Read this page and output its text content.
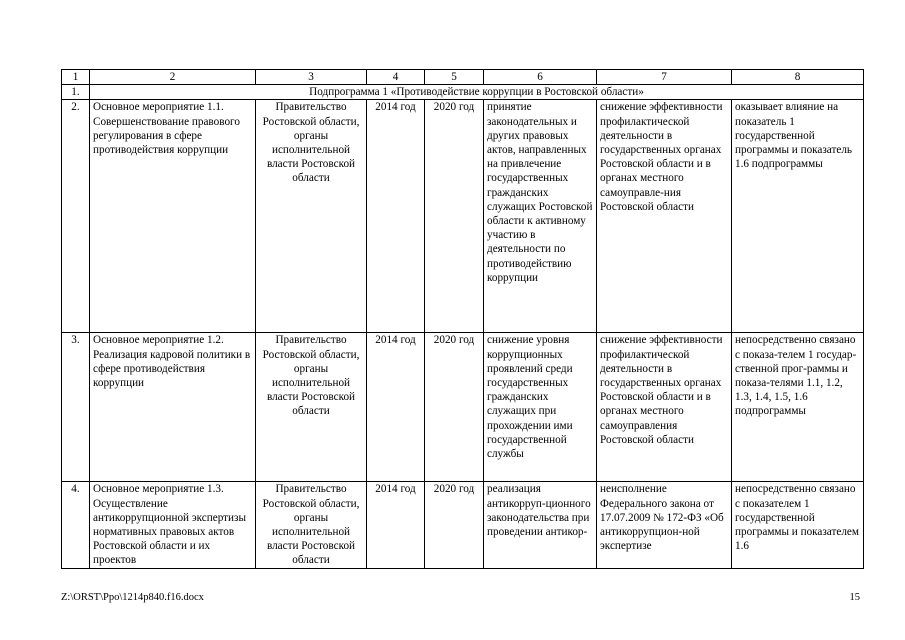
1	2	3	4	5	6	7	8
1.	Подпрограмма 1 «Противодействие коррупции в Ростовской области»						
2.	Основное мероприятие 1.1. Совершенствование правового регулирования в сфере противодействия коррупции	Правительство Ростовской области, органы исполнительной власти Ростовской области	2014 год	2020 год	принятие законодательных и других правовых актов, направленных на привлечение государственных гражданских служащих Ростовской области к активному участию в деятельности по противодействию коррупции	снижение эффективности профилактической деятельности в государственных органах Ростовской области и в органах местного самоуправле-ния Ростовской области	оказывает влияние на показатель 1 государственной программы и показатель 1.6 подпрограммы
3.	Основное мероприятие 1.2. Реализация кадровой политики в сфере противодействия коррупции	Правительство Ростовской области, органы исполнительной власти Ростовской области	2014 год	2020 год	снижение уровня коррупционных проявлений среди государственных гражданских служащих при прохождении ими государственной службы	снижение эффективности профилактической деятельности в государственных органах Ростовской области и в органах местного самоуправления Ростовской области	непосредственно связано с показа-телем 1 государ-ственной прог-раммы и показа-телями 1.1, 1.2, 1.3, 1.4, 1.5, 1.6 подпрограммы
4.	Основное мероприятие 1.3. Осуществление антикоррупционной экспертизы нормативных правовых актов Ростовской области и их проектов	Правительство Ростовской области, органы исполнительной власти Ростовской области	2014 год	2020 год	реализация антикорруп-ционного законодательства при проведении антикор-	неисполнение Федерального закона от 17.07.2009 № 172-ФЗ «Об антикоррупцион-ной экспертизе	непосредственно связано с показателем 1 государственной программы и показателем 1.6
Z:\ORST\Ppo\1214p840.f16.docx	15
